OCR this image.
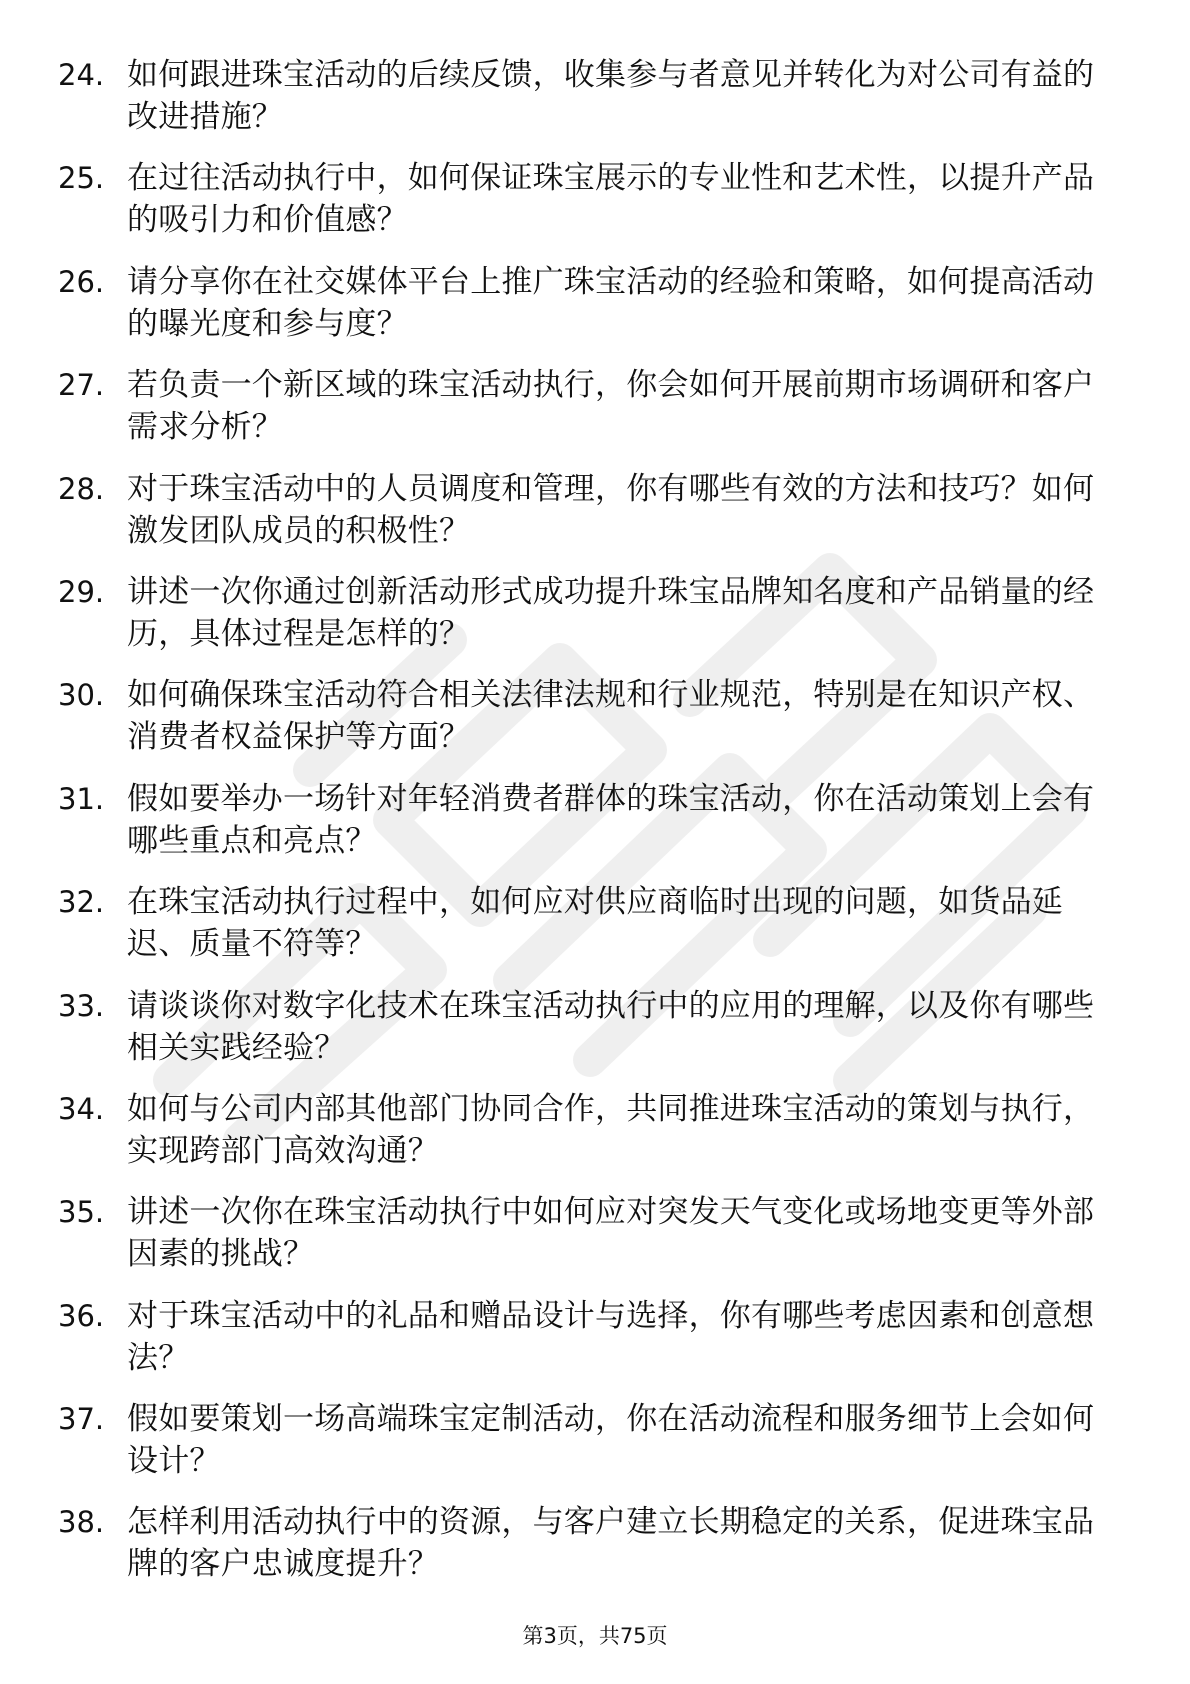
24. 如何跟进珠宝活动的后续反馈，收集参与者意见并转化为对公司有益的改进措施？
25. 在过往活动执行中，如何保证珠宝展示的专业性和艺术性，以提升产品的吸引力和价值感？
26. 请分享你在社交媒体平台上推广珠宝活动的经验和策略，如何提高活动的曝光度和参与度？
27. 若负责一个新区域的珠宝活动执行，你会如何开展前期市场调研和客户需求分析？
28. 对于珠宝活动中的人员调度和管理，你有哪些有效的方法和技巧？如何激发团队成员的积极性？
29. 讲述一次你通过创新活动形式成功提升珠宝品牌知名度和产品销量的经历，具体过程是怎样的？
30. 如何确保珠宝活动符合相关法律法规和行业规范，特别是在知识产权、消费者权益保护等方面？
31. 假如要举办一场针对年轻消费者群体的珠宝活动，你在活动策划上会有哪些重点和亮点？
32. 在珠宝活动执行过程中，如何应对供应商临时出现的问题，如货品延迟、质量不符等？
33. 请谈谈你对数字化技术在珠宝活动执行中的应用的理解，以及你有哪些相关实践经验？
34. 如何与公司内部其他部门协同合作，共同推进珠宝活动的策划与执行，实现跨部门高效沟通？
35. 讲述一次你在珠宝活动执行中如何应对突发天气变化或场地变更等外部因素的挑战？
36. 对于珠宝活动中的礼品和赠品设计与选择，你有哪些考虑因素和创意想法？
37. 假如要策划一场高端珠宝定制活动，你在活动流程和服务细节上会如何设计？
38. 怎样利用活动执行中的资源，与客户建立长期稳定的关系，促进珠宝品牌的客户忠诚度提升？
第3页，共75页
